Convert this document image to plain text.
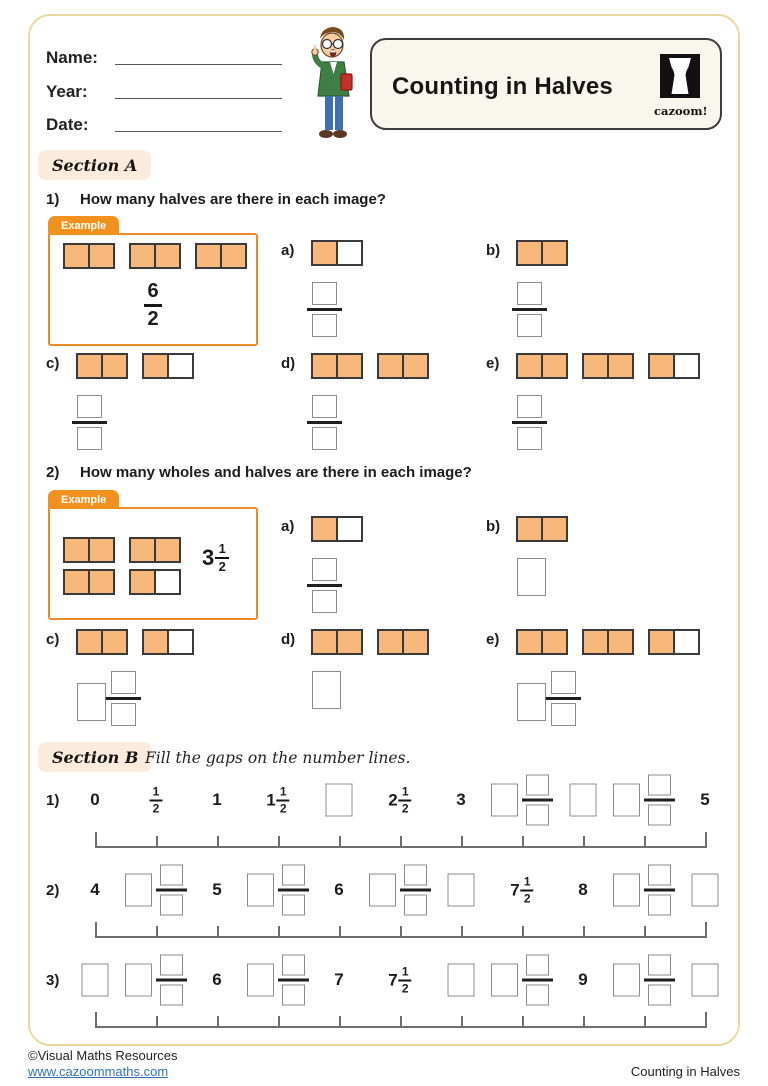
Name:
Year:
Date:
Counting in Halves
cazoom!
Section A
1) How many halves are there in each image?
Example
6
2
a)	b)
c)	d)	e)
2) How many wholes and halves are there in each image?
Example
3 1
2
a)	b)
c)	d)	e)
Section B Fill the gaps on the number lines.
1) 0	1
2	1	1 1
2	2 1
2	3	5
2) 4	5	6	7 1
2	8
3)	6	7	7 1
2	9
©Visual Maths Resources
www.cazoommaths.com	Counting in Halves
